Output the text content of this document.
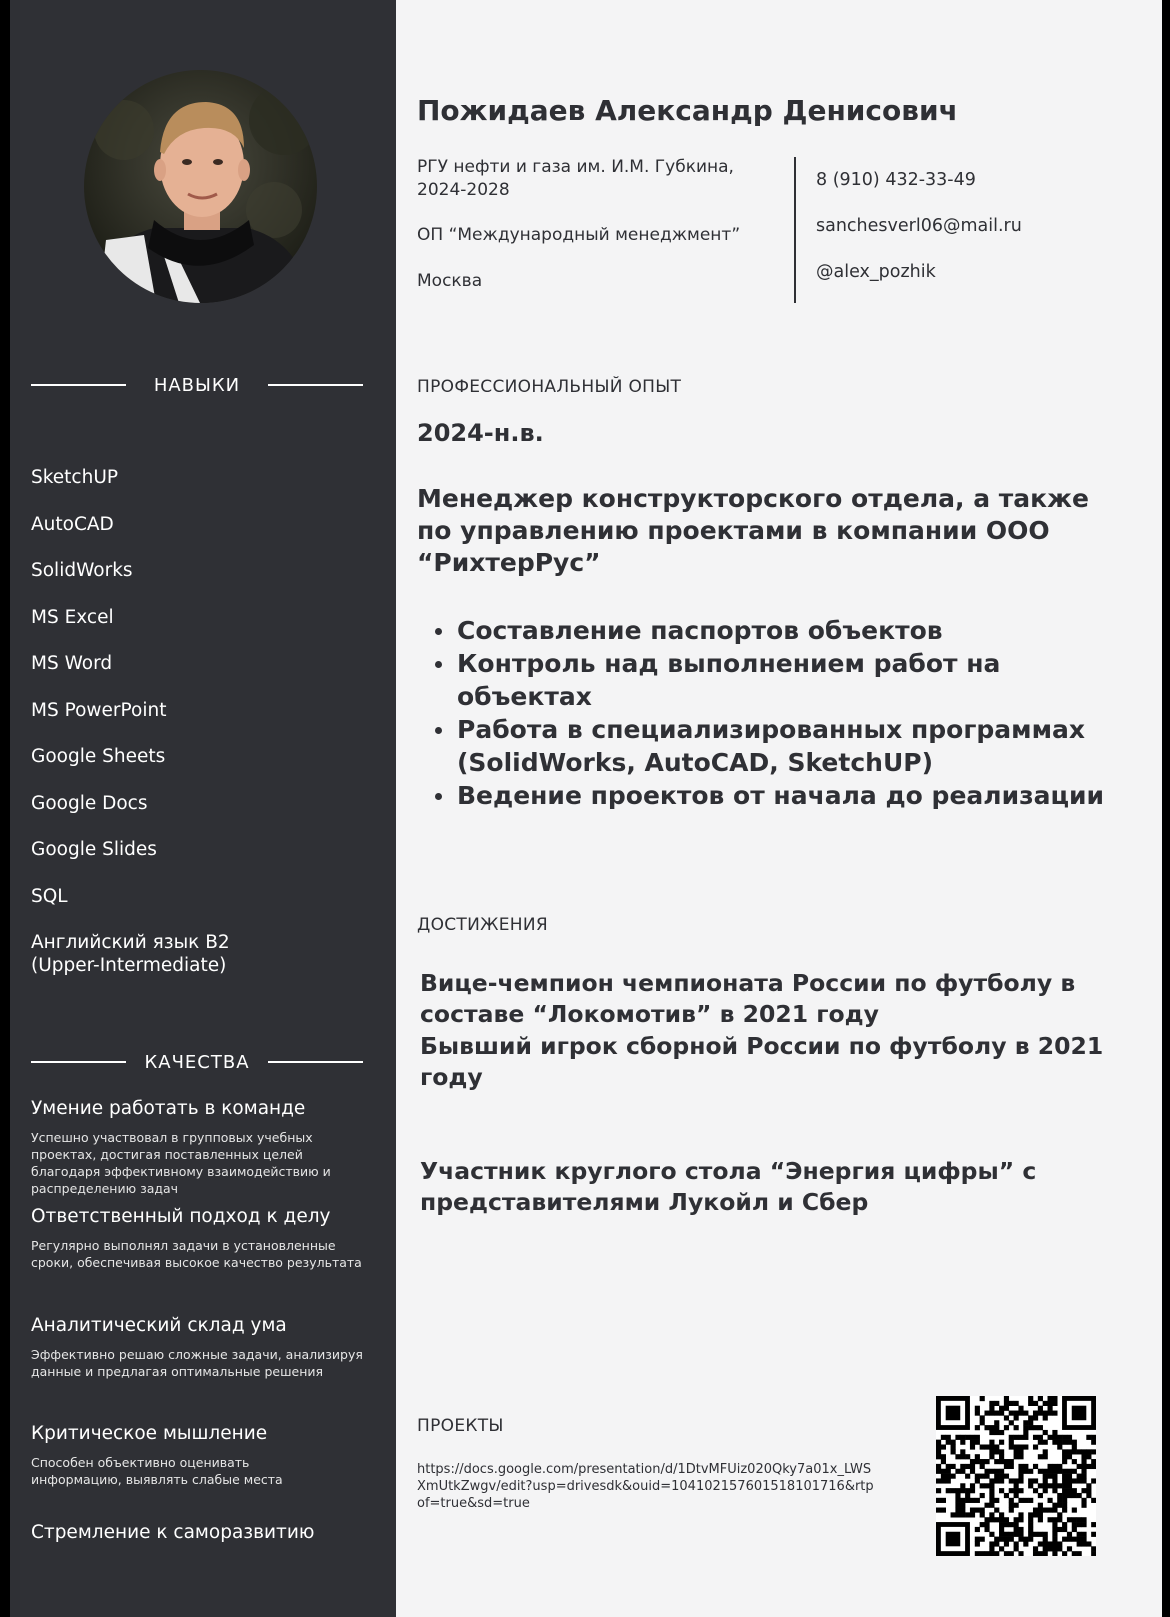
НАВЫКИ
SketchUP
AutoCAD
SolidWorks
MS Excel
MS Word
MS PowerPoint
Google Sheets
Google Docs
Google Slides
SQL
Английский язык B2 (Upper-Intermediate)
КАЧЕСТВА

Умение работать в команде

Успешно участвовал в групповых учебных проектах, достигая поставленных целей благодаря эффективному взаимодействию и распределению задач

Ответственный подход к делу

Регулярно выполнял задачи в установленные сроки, обеспечивая высокое качество результата

Аналитический склад ума

Эффективно решаю сложные задачи, анализируя данные и предлагая оптимальные решения

Критическое мышление

Способен объективно оценивать информацию, выявлять слабые места

Стремление к саморазвитию

Пожидаев Александр Денисович

РГУ нефти и газа им. И.М. Губкина, 2024-2028

ОП “Международный менеджмент”

Москва

8 (910) 432-33-49
sanchesverl06@mail.ru
@alex_pozhik

ПРОФЕССИОНАЛЬНЫЙ ОПЫТ

2024-н.в.

Менеджер конструкторского отдела, а также по управлению проектами в компании ООО “РихтерРус”

Составление паспортов объектов
Контроль над выполнением работ на объектах
Работа в специализированных программах (SolidWorks, AutoCAD, SketchUP)
Ведение проектов от начала до реализации

ДОСТИЖЕНИЯ

Вице-чемпион чемпионата России по футболу в составе “Локомотив” в 2021 году

Бывший игрок сборной России по футболу в 2021 году

Участник круглого стола “Энергия цифры” с представителями Лукойл и Сбер

ПРОЕКТЫ

https://docs.google.com/presentation/d/1DtvMFUiz020Qky7a01x_LWSXmUtkZwgv/edit?usp=drivesdk&ouid=104102157601518101716&rtpof=true&sd=true
